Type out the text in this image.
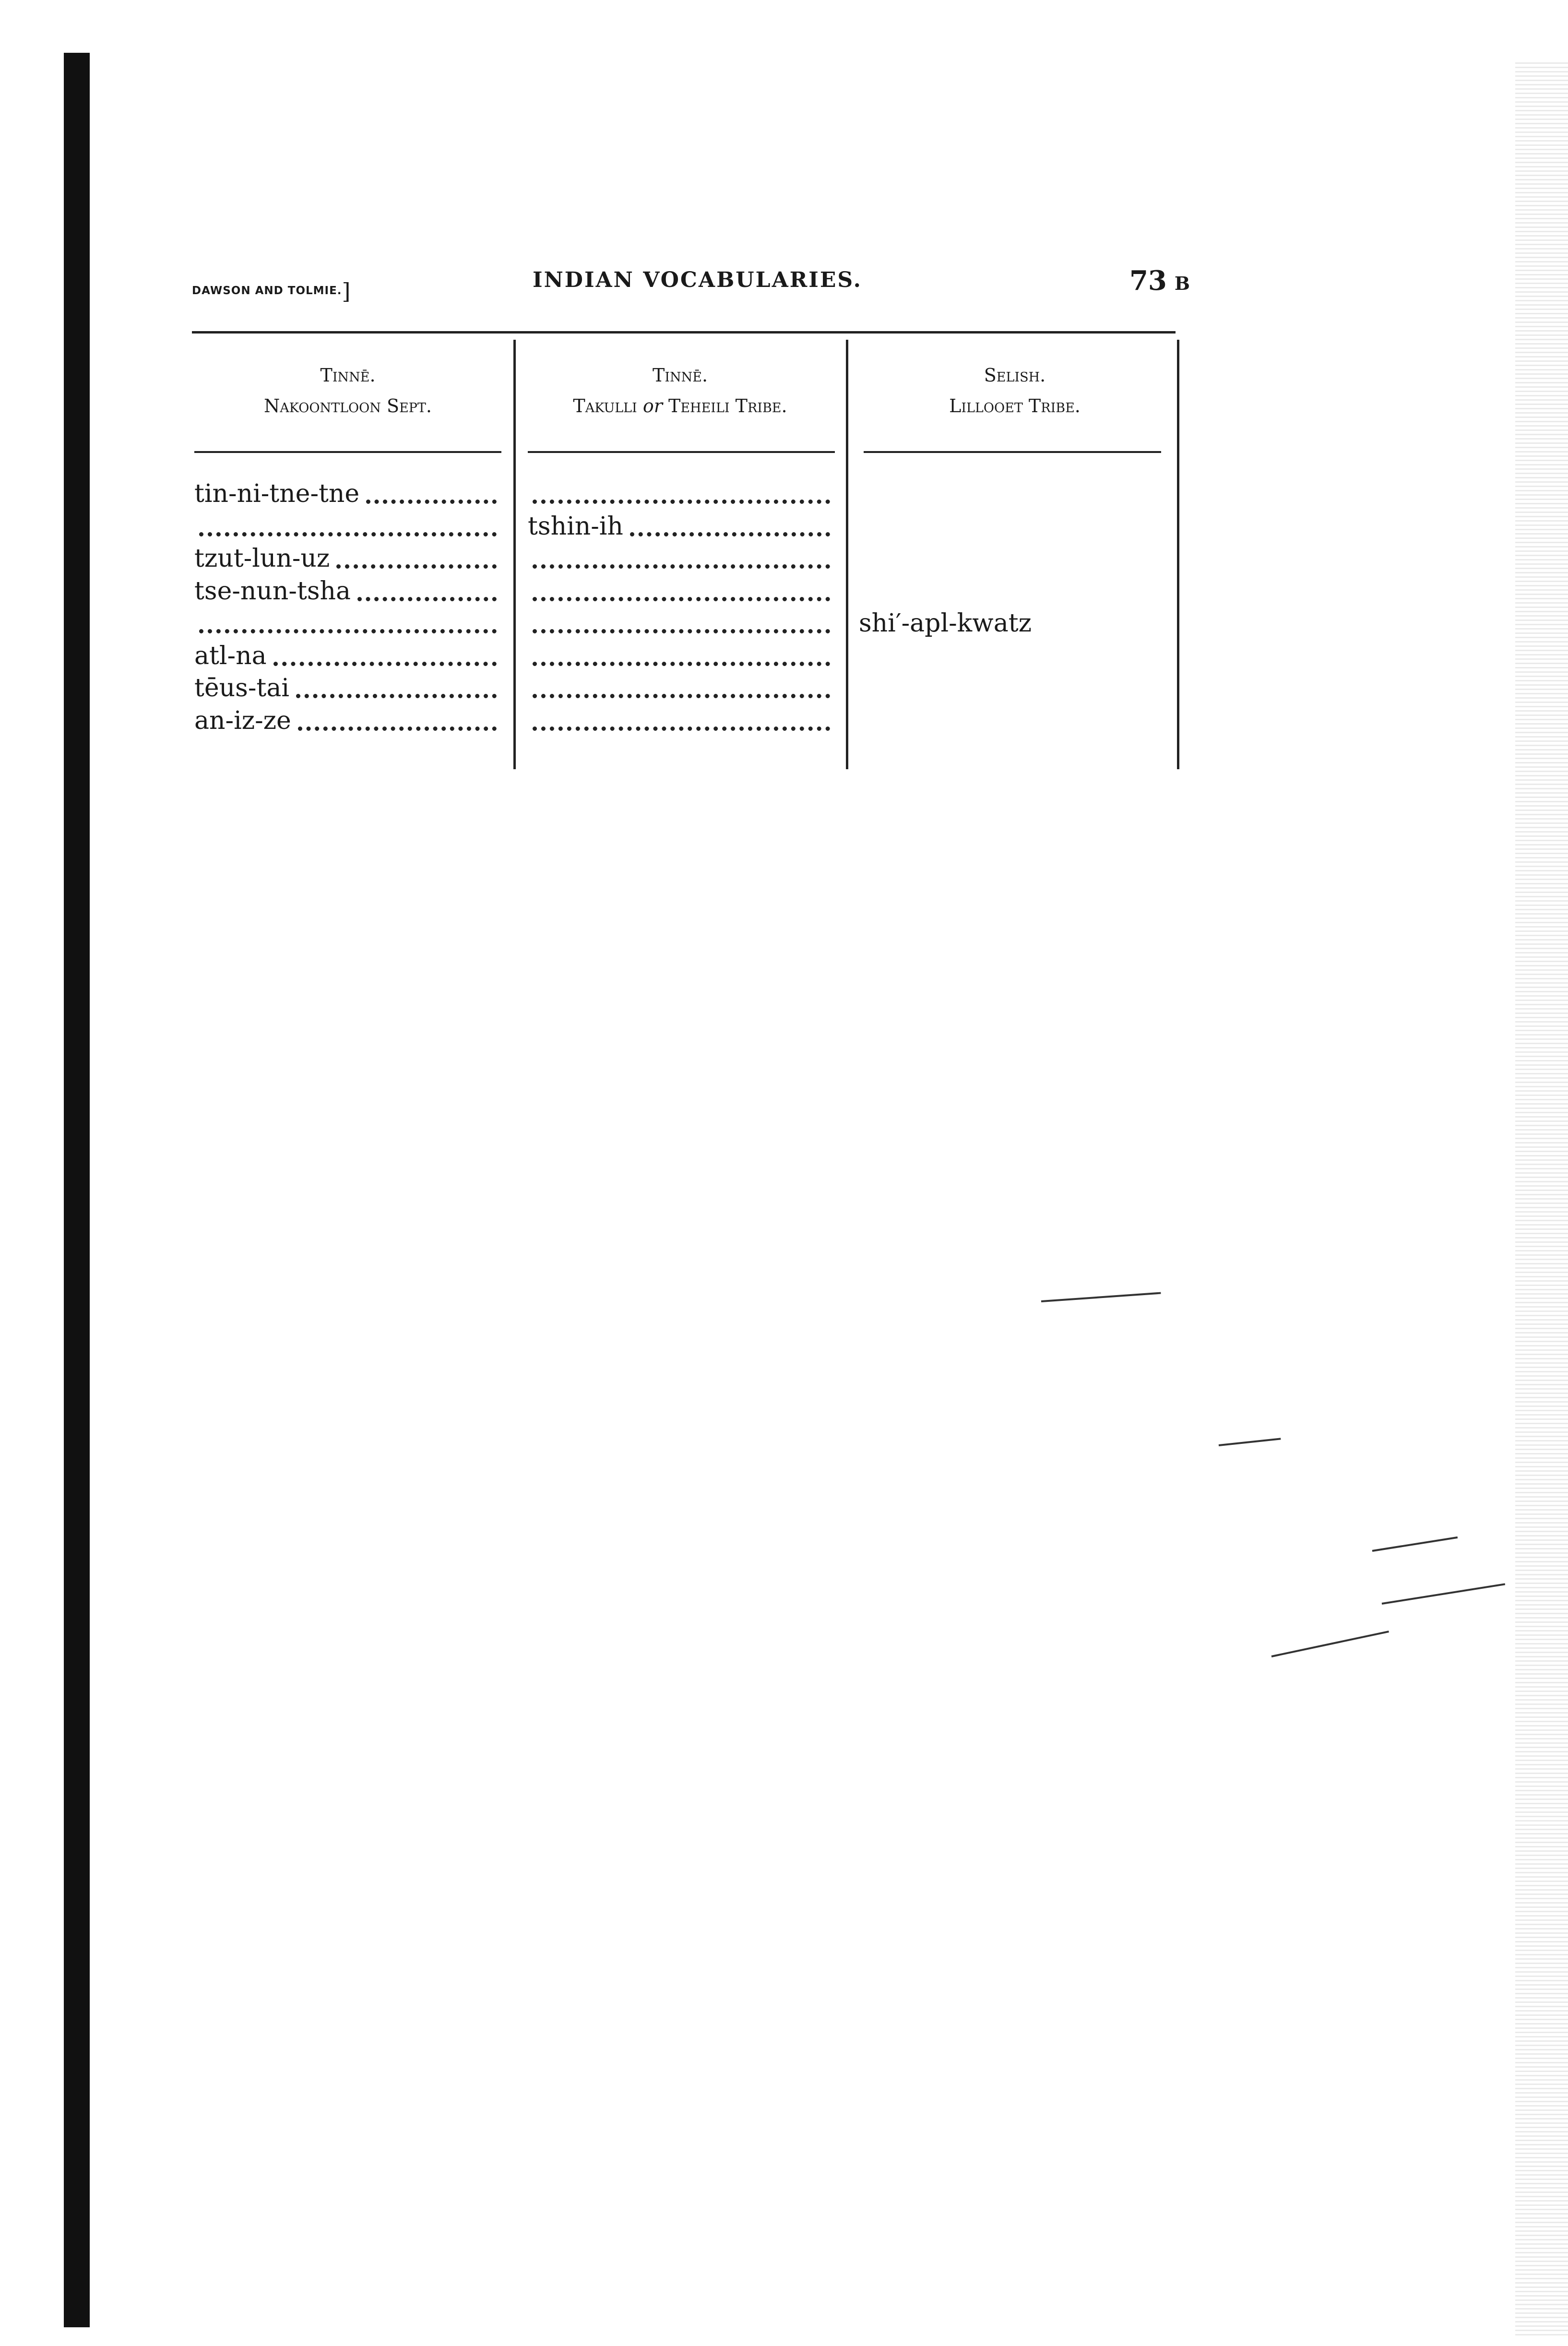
DAWSON AND TOLMIE.]	INDIAN VOCABULARIES.	73 B
Tinnē.
Nakoontloon Sept.
Tinnē.
Takulli or Teheili Tribe.
Selish.
Lillooet Tribe.
tin-ni-tne-tne
tshin-ih
tzut-lun-uz
tse-nun-tsha
shi′-apl-kwatz
atl-na
tēus-tai
an-iz-ze
